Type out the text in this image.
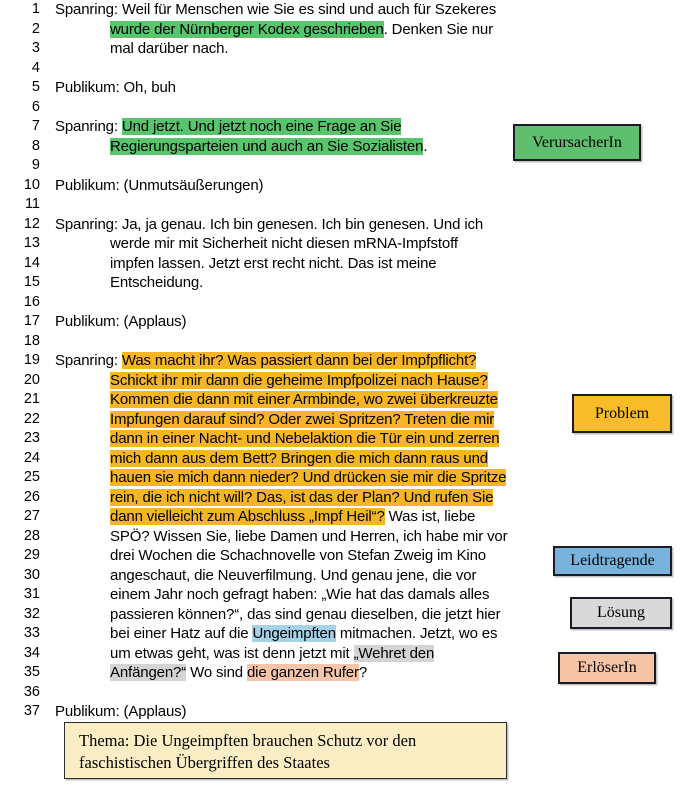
1 Spanring: Weil für Menschen wie Sie es sind und auch für Szekeres
2	wurde der Nürnberger Kodex geschrieben. Denken Sie nur
3	mal darüber nach.
4
5 Publikum: Oh, buh
6
7 Spanring: Und jetzt. Und jetzt noch eine Frage an Sie
8	Regierungsparteien und auch an Sie Sozialisten.
9
10 Publikum: (Unmutsäußerungen)
11
12 Spanring: Ja, ja genau. Ich bin genesen. Ich bin genesen. Und ich
13	werde mir mit Sicherheit nicht diesen mRNA-Impfstoff
14	impfen lassen. Jetzt erst recht nicht. Das ist meine
15	Entscheidung.
16
17 Publikum: (Applaus)
18
19 Spanring: Was macht ihr? Was passiert dann bei der Impfpflicht?
20	Schickt ihr mir dann die geheime Impfpolizei nach Hause?
21	Kommen die dann mit einer Armbinde, wo zwei überkreuzte
22	Impfungen darauf sind? Oder zwei Spritzen? Treten die mir
23	dann in einer Nacht- und Nebelaktion die Tür ein und zerren
24	mich dann aus dem Bett? Bringen die mich dann raus und
25	hauen sie mich dann nieder? Und drücken sie mir die Spritze
26	rein, die ich nicht will? Das, ist das der Plan? Und rufen Sie
27	dann vielleicht zum Abschluss „Impf Heil“? Was ist, liebe
28	SPÖ? Wissen Sie, liebe Damen und Herren, ich habe mir vor
29	drei Wochen die Schachnovelle von Stefan Zweig im Kino
30	angeschaut, die Neuverfilmung. Und genau jene, die vor
31	einem Jahr noch gefragt haben: „Wie hat das damals alles
32	passieren können?“, das sind genau dieselben, die jetzt hier
33	bei einer Hatz auf die Ungeimpften mitmachen. Jetzt, wo es
34	um etwas geht, was ist denn jetzt mit „Wehret den
35	Anfängen?“ Wo sind die ganzen Rufer?
36
37 Publikum: (Applaus)
VerursacherIn
Problem
Leidtragende
Lösung
ErlöserIn
Thema: Die Ungeimpften brauchen Schutz vor den
faschistischen Übergriffen des Staates
